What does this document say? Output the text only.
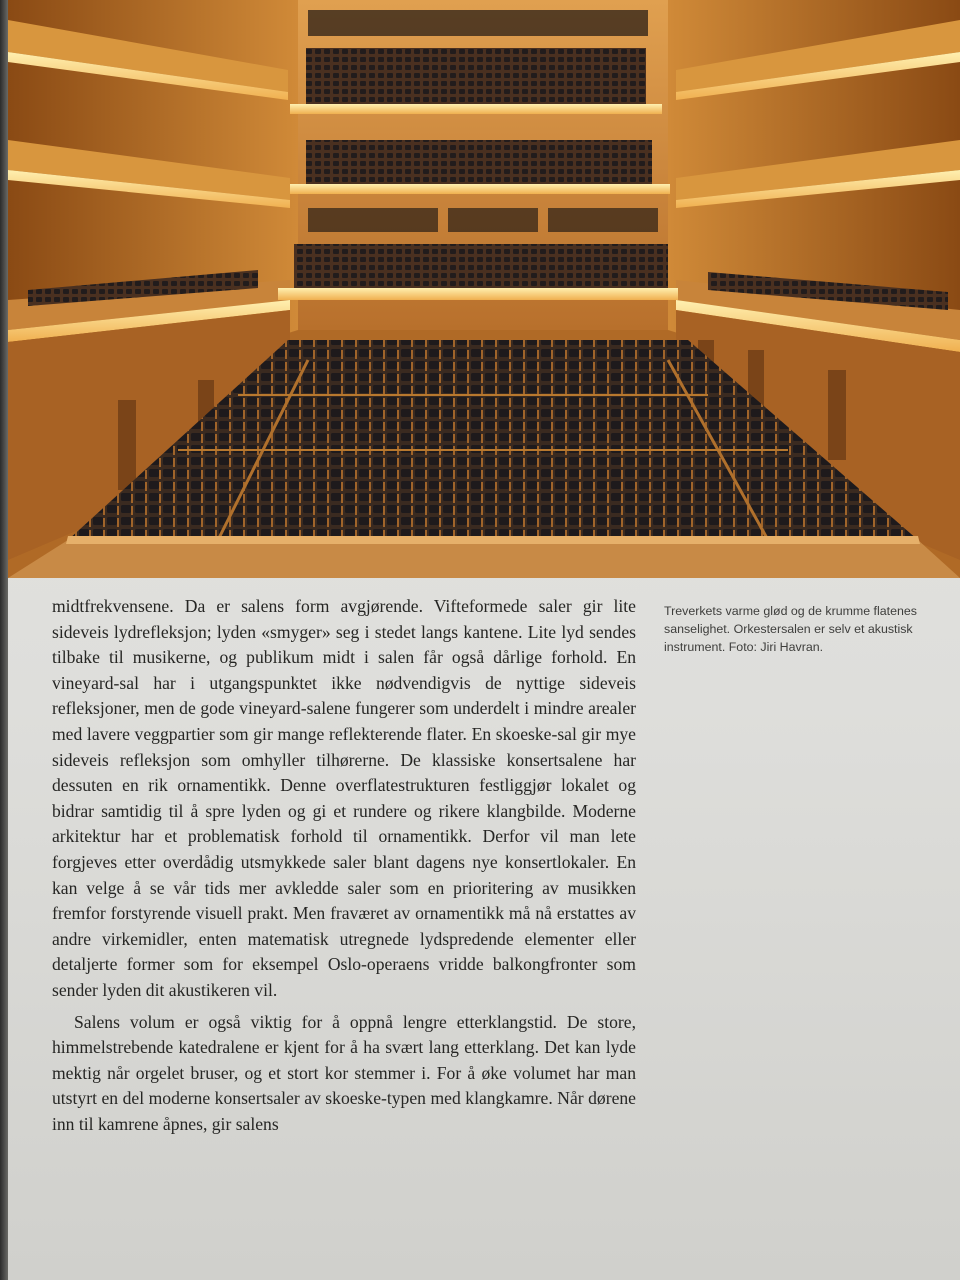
midtfrekvensene. Da er salens form avgjørende. Vifteformede saler gir lite sideveis lydrefleksjon; lyden «smyger» seg i stedet langs kantene. Lite lyd sendes tilbake til musikerne, og publikum midt i salen får også dårlige forhold. En vineyard-sal har i utgangspunktet ikke nødvendigvis de nyttige sideveis refleksjoner, men de gode vineyard-salene fungerer som underdelt i mindre arealer med lavere veggpartier som gir mange reflekterende flater. En skoeske-sal gir mye sideveis refleksjon som omhyller tilhørerne. De klassiske konsertsalene har dessuten en rik ornamentikk. Denne overflatestrukturen festliggjør lokalet og bidrar samtidig til å spre lyden og gi et rundere og rikere klangbilde. Moderne arkitektur har et problematisk forhold til ornamentikk. Derfor vil man lete forgjeves etter overdådig utsmykkede saler blant dagens nye konsertlokaler. En kan velge å se vår tids mer avkledde saler som en prioritering av musikken fremfor forstyrende visuell prakt. Men fraværet av ornamentikk må nå erstattes av andre virkemidler, enten matematisk utregnede lydspredende elementer eller detaljerte former som for eksempel Oslo-operaens vridde balkongfronter som sender lyden dit akustikeren vil.

Salens volum er også viktig for å oppnå lengre etterklangstid. De store, himmelstrebende katedralene er kjent for å ha svært lang etterklang. Det kan lyde mektig når orgelet bruser, og et stort kor stemmer i. For å øke volumet har man utstyrt en del moderne konsertsaler av skoeske-typen med klangkamre. Når dørene inn til kamrene åpnes, gir salens

Treverkets varme glød og de krumme flatenes sanselighet. Orkestersalen er selv et akustisk instrument. Foto: Jiri Havran.
